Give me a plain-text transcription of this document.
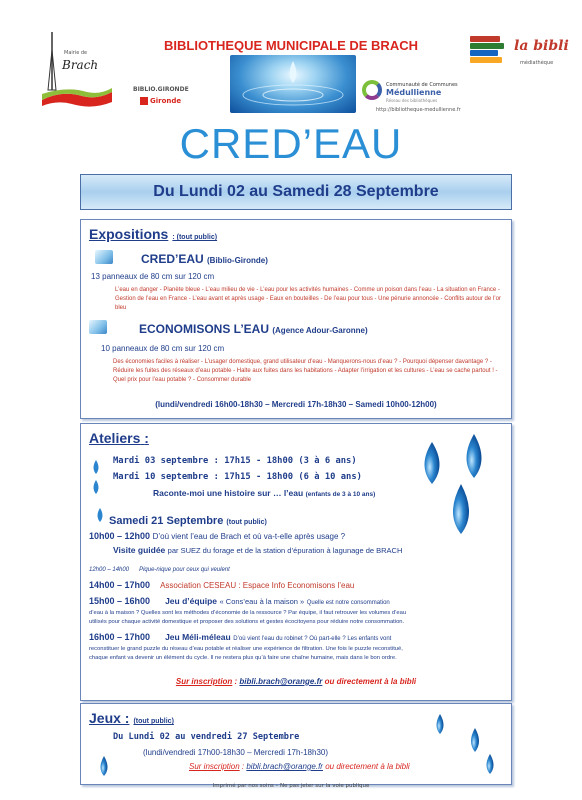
Mairie de
Brach
BIBLIOTHEQUE MUNICIPALE DE BRACH
BIBLIO.GIRONDE
Gironde
Communauté de Communes
Médullienne
Réseau des bibliothèques
http://bibliotheque-medullienne.fr
la bibli
médiathèque
CRED’EAU
Du Lundi 02 au Samedi 28 Septembre
Expositions : (tout public)
CRED’EAU (Biblio-Gironde)
13 panneaux de 80 cm sur 120 cm
L’eau en danger - Planète bleue - L’eau milieu de vie - L’eau pour les activités humaines - Comme un poison dans l’eau - La situation en France - Gestion de l’eau en France - L’eau avant et après usage - Eaux en bouteilles - De l’eau pour tous - Une pénurie annoncée - Conflits autour de l’or bleu
ECONOMISONS L’EAU (Agence Adour-Garonne)
10 panneaux de 80 cm sur 120 cm
Des économies faciles à réaliser - L’usager domestique, grand utilisateur d’eau - Manquerons-nous d’eau ? - Pourquoi dépenser davantage ? - Réduire les fuites des réseaux d’eau potable - Halte aux fuites dans les habitations - Adapter l’irrigation et les cultures - L’eau se cache partout ! - Quel prix pour l’eau potable ? - Consommer durable
(lundi/vendredi 16h00-18h30 – Mercredi 17h-18h30 – Samedi 10h00-12h00)
Ateliers :
Mardi 03 septembre : 17h15 - 18h00 (3 à 6 ans)
Mardi 10 septembre : 17h15 - 18h00 (6 à 10 ans)
Raconte-moi une histoire sur … l’eau (enfants de 3 à 10 ans)
Samedi 21 Septembre (tout public)
10h00 – 12h00 D’où vient l’eau de Brach et où va-t-elle après usage ?
Visite guidée par SUEZ du forage et de la station d’épuration à lagunage de BRACH
12h00 – 14h00 Pique-nique pour ceux qui veulent
14h00 – 17h00 Association CESEAU : Espace Info Economisons l’eau
15h00 – 16h00 Jeu d’équipe « Cons’eau à la maison » Quelle est notre consommation
d’eau à la maison ? Quelles sont les méthodes d’économie de la ressource ? Par équipe, il faut retrouver les volumes d’eau
utilisés pour chaque activité domestique et proposer des solutions et gestes écocitoyens pour réduire notre consommation.
16h00 – 17h00 Jeu Méli-méleau D’où vient l’eau du robinet ? Où part-elle ? Les enfants vont
reconstituer le grand puzzle du réseau d’eau potable et réaliser une expérience de filtration. Une fois le puzzle reconstitué,
chaque enfant va devenir un élément du cycle. Il ne restera plus qu’à faire une chaîne humaine, mais dans le bon ordre.
Sur inscription : bibli.brach@orange.fr ou directement à la bibli
Jeux : (tout public)
Du Lundi 02 au vendredi 27 Septembre
(lundi/vendredi 17h00-18h30 – Mercredi 17h-18h30)
Sur inscription : bibli.brach@orange.fr ou directement à la bibli
Imprimé par nos soins – Ne pas jeter sur la voie publique
